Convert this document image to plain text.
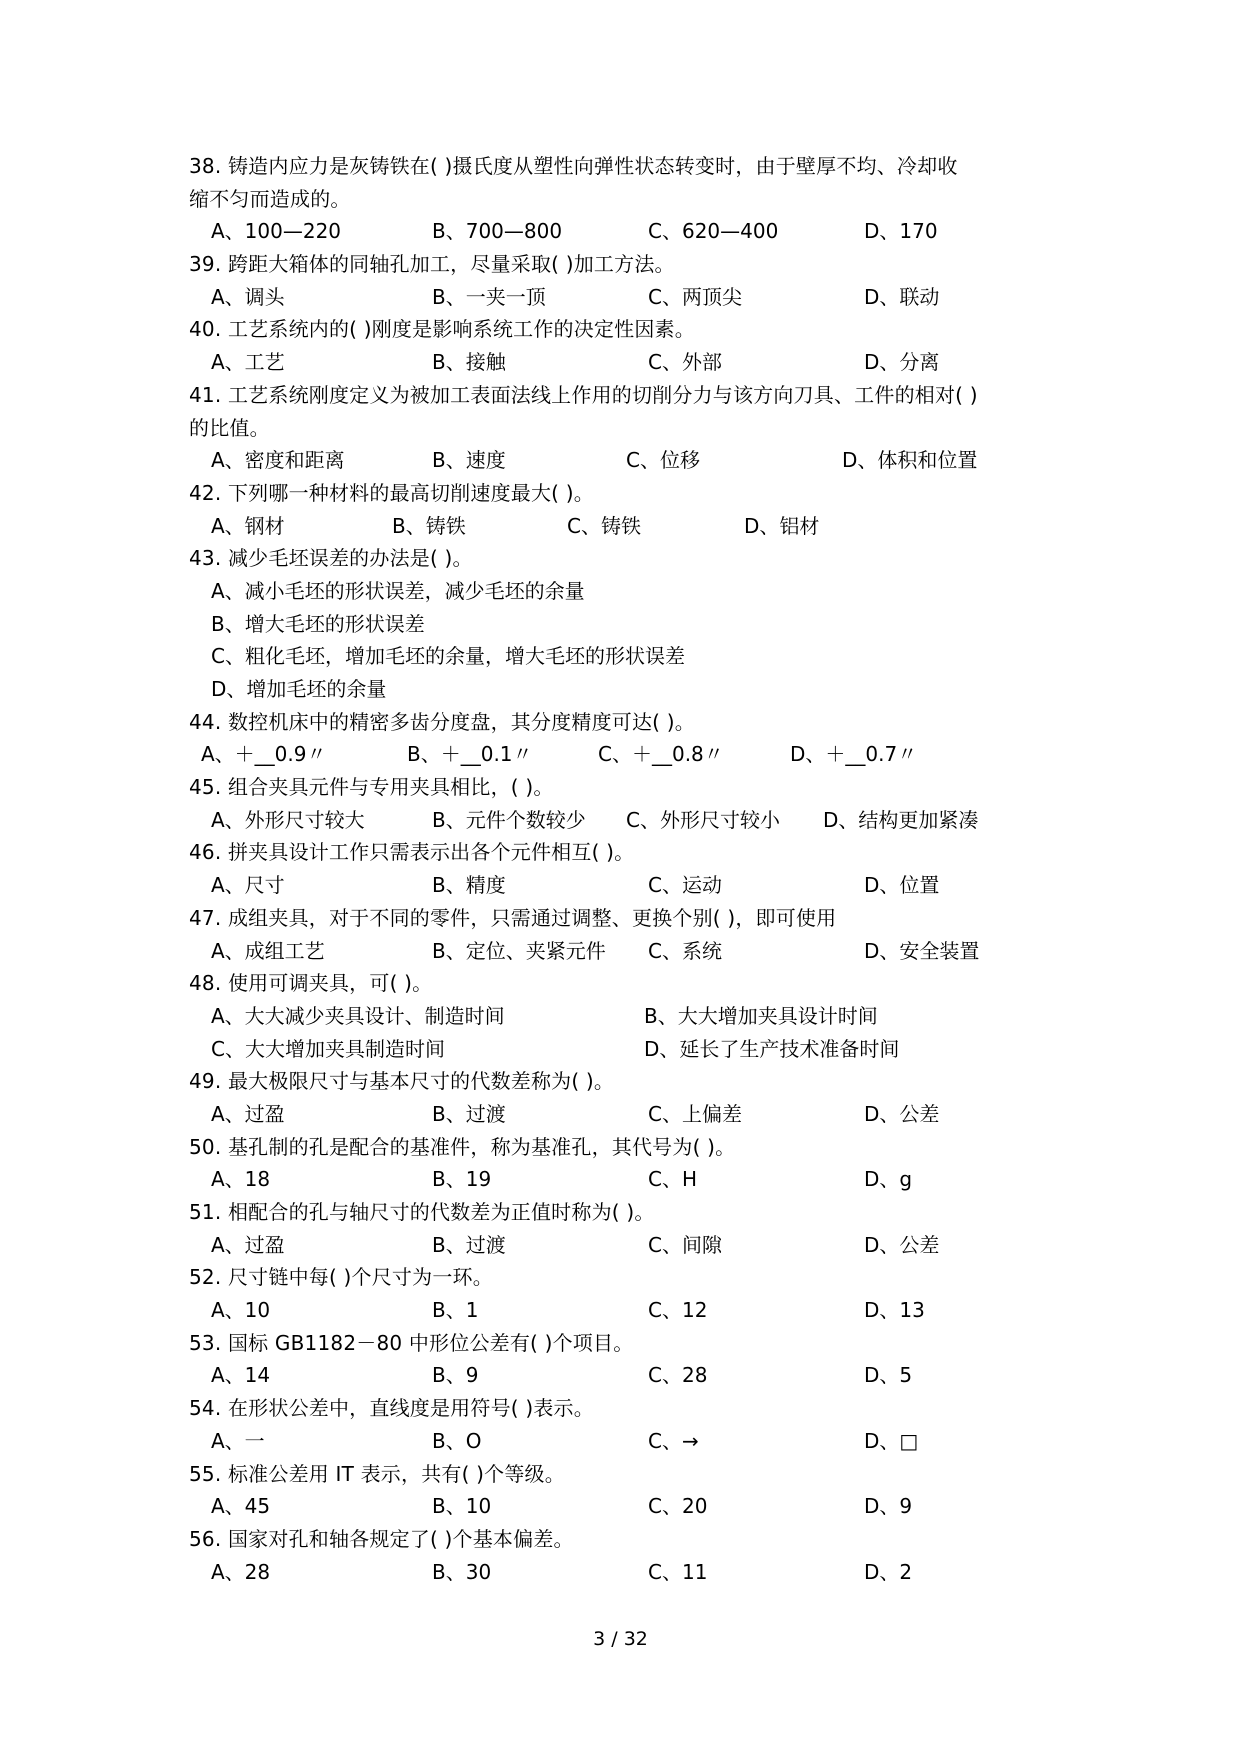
38. 铸造内应力是灰铸铁在( )摄氏度从塑性向弹性状态转变时，由于壁厚不均、冷却收
缩不匀而造成的。
A、100—220	B、700—800	C、620—400	D、170
39. 跨距大箱体的同轴孔加工，尽量采取( )加工方法。
A、调头	B、一夹一顶	C、两顶尖	D、联动
40. 工艺系统内的( )刚度是影响系统工作的决定性因素。
A、工艺	B、接触	C、外部	D、分离
41. 工艺系统刚度定义为被加工表面法线上作用的切削分力与该方向刀具、工件的相对( )
的比值。
A、密度和距离	B、速度	C、位移	D、体积和位置
42. 下列哪一种材料的最高切削速度最大( )。
A、钢材	B、铸铁	C、铸铁	D、铝材
43. 减少毛坯误差的办法是( )。
A、减小毛坯的形状误差，减少毛坯的余量
B、增大毛坯的形状误差
C、粗化毛坯，增加毛坯的余量，增大毛坯的形状误差
D、增加毛坯的余量
44. 数控机床中的精密多齿分度盘，其分度精度可达( )。
A、＋__0.9〃	B、＋__0.1〃	C、＋__0.8〃	D、＋__0.7〃
45. 组合夹具元件与专用夹具相比，( )。
A、外形尺寸较大	B、元件个数较少 C、外形尺寸较小 D、结构更加紧凑
46. 拼夹具设计工作只需表示出各个元件相互( )。
A、尺寸	B、精度	C、运动	D、位置
47. 成组夹具，对于不同的零件，只需通过调整、更换个别( )，即可使用
A、成组工艺	B、定位、夹紧元件 C、系统	D、安全装置
48. 使用可调夹具，可( )。
A、大大减少夹具设计、制造时间	B、大大增加夹具设计时间
C、大大增加夹具制造时间	D、延长了生产技术准备时间
49. 最大极限尺寸与基本尺寸的代数差称为( )。
A、过盈	B、过渡	C、上偏差	D、公差
50. 基孔制的孔是配合的基准件，称为基准孔，其代号为( )。
A、18	B、19	C、H	D、g
51. 相配合的孔与轴尺寸的代数差为正值时称为( )。
A、过盈	B、过渡	C、间隙	D、公差
52. 尺寸链中每( )个尺寸为一环。
A、10	B、1	C、12	D、13
53. 国标 GB1182－80 中形位公差有( )个项目。
A、14	B、9	C、28	D、5
54. 在形状公差中，直线度是用符号( )表示。
A、一	B、O	C、→	D、□
55. 标准公差用 IT 表示，共有( )个等级。
A、45	B、10	C、20	D、9
56. 国家对孔和轴各规定了( )个基本偏差。
A、28	B、30	C、11	D、2
3 / 32
